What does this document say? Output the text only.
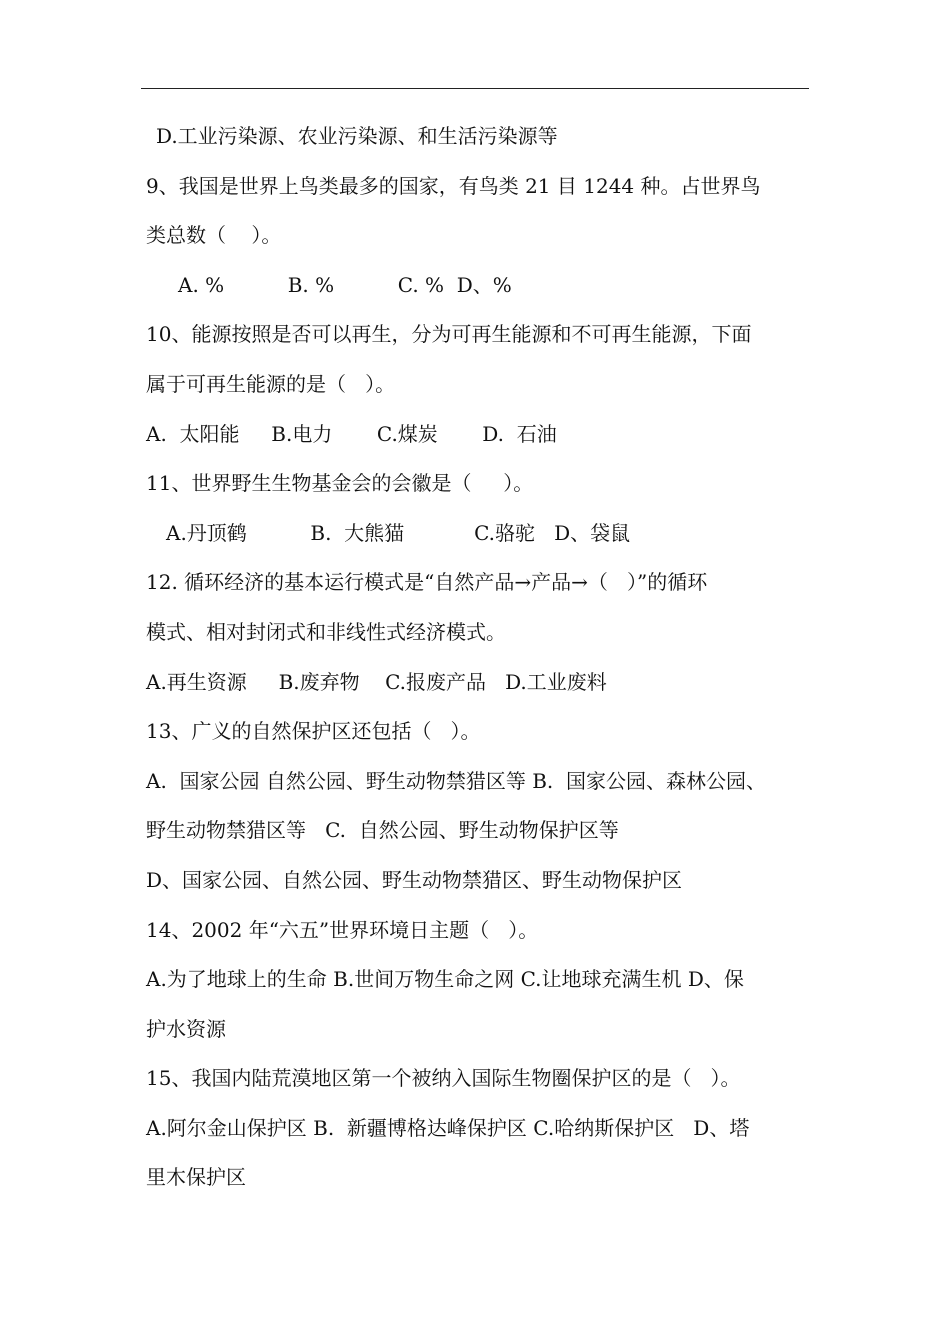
D.工业污染源、农业污染源、和生活污染源等
9、我国是世界上鸟类最多的国家，有鸟类 21 目 1244 种。占世界鸟
类总数（    ）。
A. %          B. %          C. %  D、%
10、能源按照是否可以再生，分为可再生能源和不可再生能源，下面
属于可再生能源的是（   ）。
A.  太阳能     B.电力       C.煤炭       D.  石油
11、世界野生生物基金会的会徽是（     ）。
A.丹顶鹤          B.  大熊猫           C.骆驼   D、袋鼠
12. 循环经济的基本运行模式是“自然产品→产品→（   ）”的循环
模式、相对封闭式和非线性式经济模式。
A.再生资源     B.废弃物    C.报废产品   D.工业废料
13、广义的自然保护区还包括（   ）。
A.  国家公园 自然公园、野生动物禁猎区等 B.  国家公园、森林公园、
野生动物禁猎区等   C.  自然公园、野生动物保护区等
D、国家公园、自然公园、野生动物禁猎区、野生动物保护区
14、2002 年“六五”世界环境日主题（   ）。
A.为了地球上的生命 B.世间万物生命之网 C.让地球充满生机 D、保
护水资源
15、我国内陆荒漠地区第一个被纳入国际生物圈保护区的是（   ）。
A.阿尔金山保护区 B.  新疆博格达峰保护区 C.哈纳斯保护区   D、塔
里木保护区
